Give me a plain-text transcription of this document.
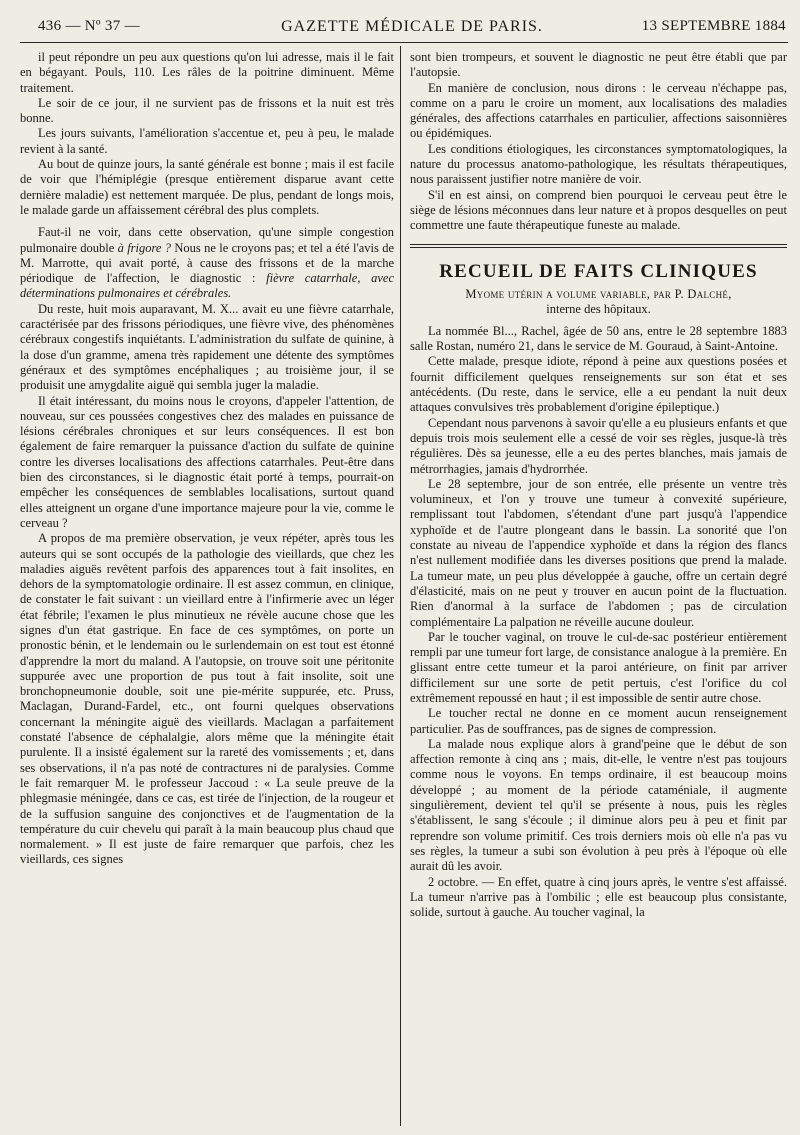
436 — Nº 37 —	GAZETTE MÉDICALE DE PARIS.	13 SEPTEMBRE 1884

il peut répondre un peu aux questions qu'on lui adresse, mais il le fait en bégayant. Pouls, 110. Les râles de la poitrine diminuent. Même traitement.

Le soir de ce jour, il ne survient pas de frissons et la nuit est très bonne.

Les jours suivants, l'amélioration s'accentue et, peu à peu, le malade revient à la santé.

Au bout de quinze jours, la santé générale est bonne ; mais il est facile de voir que l'hémiplégie (presque entièrement disparue avant cette dernière maladie) est nettement marquée. De plus, pendant de longs mois, le malade garde un affaissement cérébral des plus complets.

Faut-il ne voir, dans cette observation, qu'une simple congestion pulmonaire double à frigore ? Nous ne le croyons pas; et tel a été l'avis de M. Marrotte, qui avait porté, à cause des frissons et de la marche périodique de l'affection, le diagnostic : fièvre catarrhale, avec déterminations pulmonaires et cérébrales.

Du reste, huit mois auparavant, M. X... avait eu une fièvre catarrhale, caractérisée par des frissons périodiques, une fièvre vive, des phénomènes cérébraux congestifs inquiétants. L'administration du sulfate de quinine, à la dose d'un gramme, amena très rapidement une détente des symptômes généraux et des symptômes encéphaliques ; au troisième jour, il se produisit une amygdalite aiguë qui sembla juger la maladie.

Il était intéressant, du moins nous le croyons, d'appeler l'attention, de nouveau, sur ces poussées congestives chez des malades en puissance de lésions cérébrales chroniques et sur leurs conséquences. Il est bon également de faire remarquer la puissance d'action du sulfate de quinine contre les diverses localisations des affections catarrhales. Peut-être dans bien des circonstances, si le diagnostic était porté à temps, pourrait-on empêcher les conséquences de semblables localisations, surtout quand elles atteignent un organe d'une importance majeure pour la vie, comme le cerveau ?

A propos de ma première observation, je veux répéter, après tous les auteurs qui se sont occupés de la pathologie des vieillards, que chez les maladies aiguës revêtent parfois des apparences tout à fait insolites, en dehors de la symptomatologie ordinaire. Il est assez commun, en clinique, de constater le fait suivant : un vieillard entre à l'infirmerie avec un léger état fébrile; l'examen le plus minutieux ne révèle aucune chose que les signes d'un état gastrique. En face de ces symptômes, on porte un pronostic bénin, et le lendemain ou le surlendemain on est tout est étonné d'apprendre la mort du maland. A l'autopsie, on trouve soit une péritonite suppurée avec une proportion de pus tout à fait insolite, soit une bronchopneumonie double, soit une pie-mérite suppurée, etc. Pruss, Maclagan, Durand-Fardel, etc., ont fourni quelques observations concernant la méningite aiguë des vieillards. Maclagan a parfaitement constaté l'absence de céphalalgie, alors même que la méningite était purulente. Il a insisté également sur la rareté des vomissements ; et, dans ses observations, il n'a pas noté de contractures ni de paralysies. Comme le fait remarquer M. le professeur Jaccoud : « La seule preuve de la phlegmasie méningée, dans ce cas, est tirée de l'injection, de la rougeur et de la suffusion sanguine des conjonctives et de l'augmentation de la température du cuir chevelu qui paraît à la main beaucoup plus chaud que normalement. » Il est juste de faire remarquer que parfois, chez les vieillards, ces signes

sont bien trompeurs, et souvent le diagnostic ne peut être établi que par l'autopsie.

En manière de conclusion, nous dirons : le cerveau n'échappe pas, comme on a paru le croire un moment, aux localisations des maladies générales, des affections catarrhales en particulier, affections saisonnières ou épidémiques.

Les conditions étiologiques, les circonstances symptomatologiques, la nature du processus anatomo-pathologique, les résultats thérapeutiques, nous paraissent justifier notre manière de voir.

S'il en est ainsi, on comprend bien pourquoi le cerveau peut être le siège de lésions méconnues dans leur nature et à propos desquelles on peut commettre une faute thérapeutique funeste au malade.

RECUEIL DE FAITS CLINIQUES
Myome utérin a volume variable, par P. Dalché,
interne des hôpitaux.

La nommée Bl..., Rachel, âgée de 50 ans, entre le 28 septembre 1883 salle Rostan, numéro 21, dans le service de M. Gouraud, à Saint-Antoine.

Cette malade, presque idiote, répond à peine aux questions posées et fournit difficilement quelques renseignements sur son état et ses antécédents. (Du reste, dans le service, elle a eu pendant la nuit deux attaques convulsives très probablement d'origine épileptique.)

Cependant nous parvenons à savoir qu'elle a eu plusieurs enfants et que depuis trois mois seulement elle a cessé de voir ses règles, jusque-là très régulières. Dès sa jeunesse, elle a eu des pertes blanches, mais jamais de métrorrhagies, jamais d'hydrorrhée.

Le 28 septembre, jour de son entrée, elle présente un ventre très volumineux, et l'on y trouve une tumeur à convexité supérieure, remplissant tout l'abdomen, s'étendant d'une part jusqu'à l'appendice xyphoïde et de l'autre plongeant dans le bassin. La sonorité que l'on constate au niveau de l'appendice xyphoïde et dans la région des flancs n'est nullement modifiée dans les diverses positions que prend la malade. La tumeur mate, un peu plus développée à gauche, offre un certain degré d'élasticité, mais on ne peut y trouver en aucun point de la fluctuation. Rien d'anormal à la surface de l'abdomen ; pas de circulation complémentaire La palpation ne réveille aucune douleur.

Par le toucher vaginal, on trouve le cul-de-sac postérieur entièrement rempli par une tumeur fort large, de consistance analogue à la première. En glissant entre cette tumeur et la paroi antérieure, on finit par arriver difficilement sur une sorte de petit pertuis, c'est l'orifice du col extrêmement repoussé en haut ; il est impossible de sentir autre chose.

Le toucher rectal ne donne en ce moment aucun renseignement particulier. Pas de souffrances, pas de signes de compression.

La malade nous explique alors à grand'peine que le début de son affection remonte à cinq ans ; mais, dit-elle, le ventre n'est pas toujours comme nous le voyons. En temps ordinaire, il est beaucoup moins développé ; au moment de la période cataméniale, il augmente singulièrement, devient tel qu'il se présente à nous, puis les règles s'établissent, le sang s'écoule ; il diminue alors peu à peu et finit par reprendre son volume primitif. Ces trois derniers mois où elle n'a pas vu ses règles, la tumeur a subi son évolution à peu près à l'époque où elle aurait dû les avoir.

2 octobre. — En effet, quatre à cinq jours après, le ventre s'est affaissé. La tumeur n'arrive pas à l'ombilic ; elle est beaucoup plus consistante, solide, surtout à gauche. Au toucher vaginal, la
